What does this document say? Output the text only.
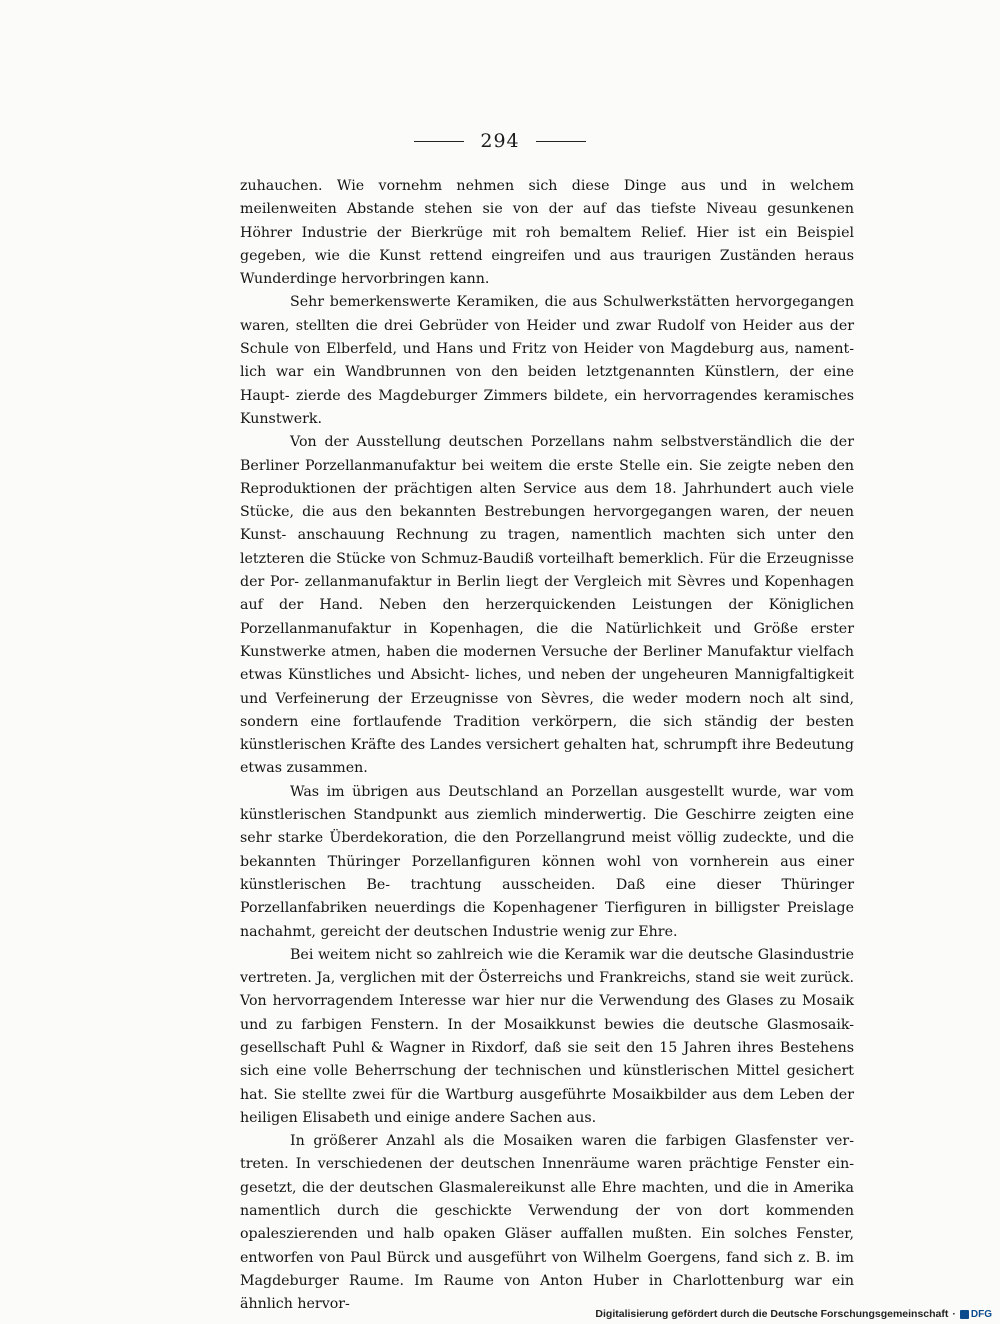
294

zuhauchen. Wie vornehm nehmen sich diese Dinge aus und in welchem meilenweiten Abstande stehen sie von der auf das tiefste Niveau gesunkenen Höhrer Industrie der Bierkrüge mit roh bemaltem Relief. Hier ist ein Beispiel gegeben, wie die Kunst rettend eingreifen und aus traurigen Zuständen heraus Wunderdinge hervorbringen kann.

Sehr bemerkenswerte Keramiken, die aus Schulwerkstätten hervorgegangen waren, stellten die drei Gebrüder von Heider und zwar Rudolf von Heider aus der Schule von Elberfeld, und Hans und Fritz von Heider von Magdeburg aus, nament- lich war ein Wandbrunnen von den beiden letztgenannten Künstlern, der eine Haupt- zierde des Magdeburger Zimmers bildete, ein hervorragendes keramisches Kunstwerk.

Von der Ausstellung deutschen Porzellans nahm selbstverständlich die der Berliner Porzellanmanufaktur bei weitem die erste Stelle ein. Sie zeigte neben den Reproduktionen der prächtigen alten Service aus dem 18. Jahrhundert auch viele Stücke, die aus den bekannten Bestrebungen hervorgegangen waren, der neuen Kunst- anschauung Rechnung zu tragen, namentlich machten sich unter den letzteren die Stücke von Schmuz-Baudiß vorteilhaft bemerklich. Für die Erzeugnisse der Por- zellanmanufaktur in Berlin liegt der Vergleich mit Sèvres und Kopenhagen auf der Hand. Neben den herzerquickenden Leistungen der Königlichen Porzellanmanufaktur in Kopenhagen, die die Natürlichkeit und Größe erster Kunstwerke atmen, haben die modernen Versuche der Berliner Manufaktur vielfach etwas Künstliches und Absicht- liches, und neben der ungeheuren Mannigfaltigkeit und Verfeinerung der Erzeugnisse von Sèvres, die weder modern noch alt sind, sondern eine fortlaufende Tradition verkörpern, die sich ständig der besten künstlerischen Kräfte des Landes versichert gehalten hat, schrumpft ihre Bedeutung etwas zusammen.

Was im übrigen aus Deutschland an Porzellan ausgestellt wurde, war vom künstlerischen Standpunkt aus ziemlich minderwertig. Die Geschirre zeigten eine sehr starke Überdekoration, die den Porzellangrund meist völlig zudeckte, und die bekannten Thüringer Porzellanfiguren können wohl von vornherein aus einer künstlerischen Be- trachtung ausscheiden. Daß eine dieser Thüringer Porzellanfabriken neuerdings die Kopenhagener Tierfiguren in billigster Preislage nachahmt, gereicht der deutschen Industrie wenig zur Ehre.

Bei weitem nicht so zahlreich wie die Keramik war die deutsche Glasindustrie vertreten. Ja, verglichen mit der Österreichs und Frankreichs, stand sie weit zurück. Von hervorragendem Interesse war hier nur die Verwendung des Glases zu Mosaik und zu farbigen Fenstern. In der Mosaikkunst bewies die deutsche Glasmosaik- gesellschaft Puhl & Wagner in Rixdorf, daß sie seit den 15 Jahren ihres Bestehens sich eine volle Beherrschung der technischen und künstlerischen Mittel gesichert hat. Sie stellte zwei für die Wartburg ausgeführte Mosaikbilder aus dem Leben der heiligen Elisabeth und einige andere Sachen aus.

In größerer Anzahl als die Mosaiken waren die farbigen Glasfenster ver- treten. In verschiedenen der deutschen Innenräume waren prächtige Fenster ein- gesetzt, die der deutschen Glasmalereikunst alle Ehre machten, und die in Amerika namentlich durch die geschickte Verwendung der von dort kommenden opaleszierenden und halb opaken Gläser auffallen mußten. Ein solches Fenster, entworfen von Paul Bürck und ausgeführt von Wilhelm Goergens, fand sich z. B. im Magdeburger Raume. Im Raume von Anton Huber in Charlottenburg war ein ähnlich hervor-

Digitalisierung gefördert durch die Deutsche Forschungsgemeinschaft · DFG
